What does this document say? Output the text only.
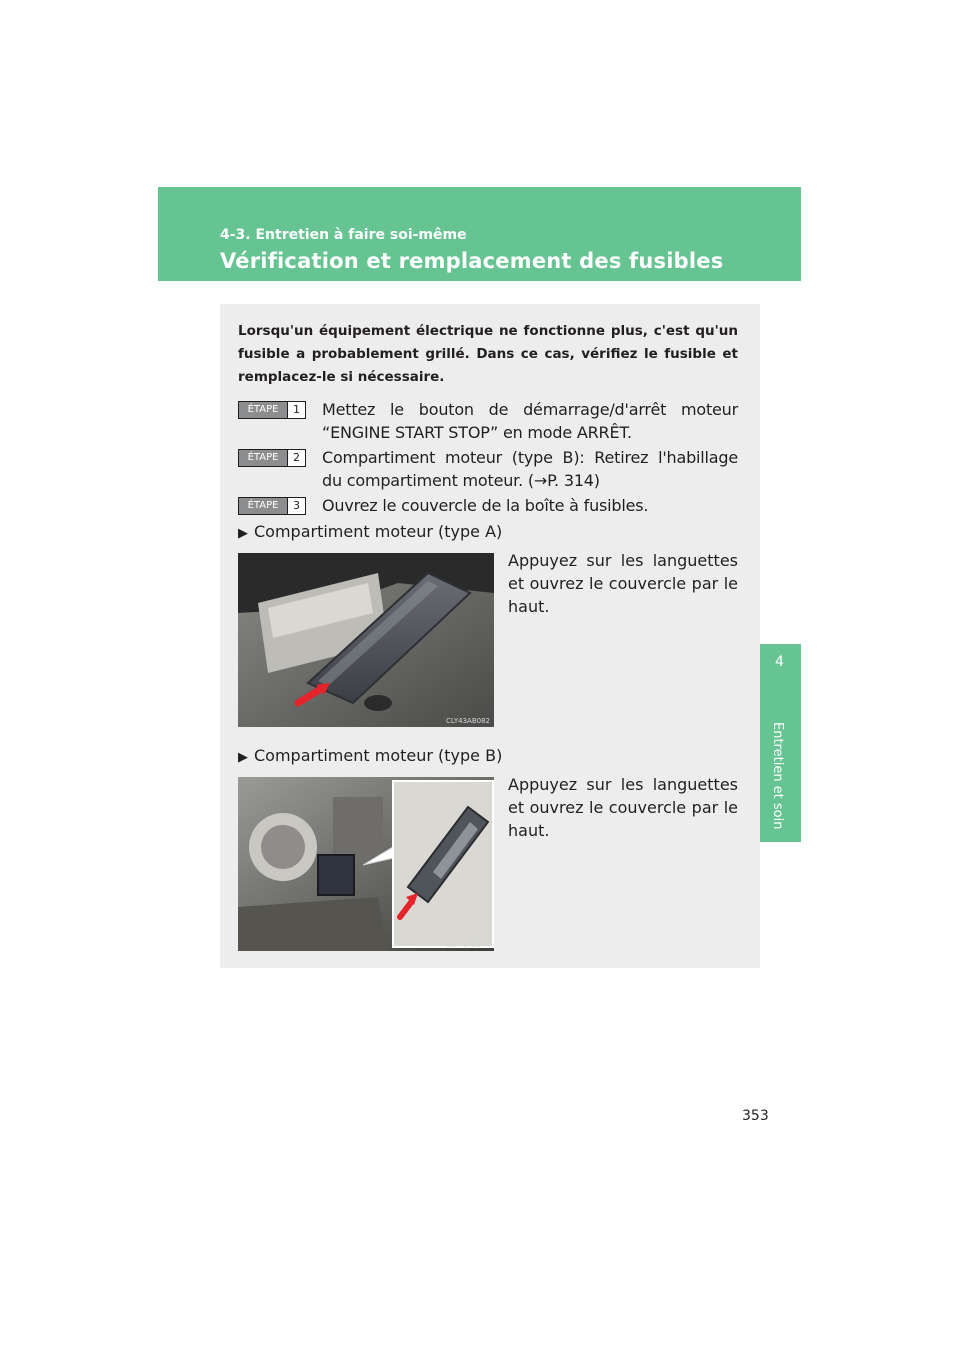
4-3. Entretien à faire soi-même
Vérification et remplacement des fusibles
4
Entretien et soin
Lorsqu'un équipement électrique ne fonctionne plus, c'est qu'un fusible a probablement grillé. Dans ce cas, vérifiez le fusible et remplacez-le si nécessaire.
ÉTAPE	1	Mettez le bouton de démarrage/d'arrêt moteur “ENGINE START STOP” en mode ARRÊT.
ÉTAPE	2	Compartiment moteur (type B): Retirez l'habillage du compartiment moteur. (→P. 314)
ÉTAPE	3	Ouvrez le couvercle de la boîte à fusibles.
▶ Compartiment moteur (type A)
CLY43AB082
Appuyez sur les languettes et ouvrez le couvercle par le haut.
▶ Compartiment moteur (type B)
CLY43AB174
Appuyez sur les languettes et ouvrez le couvercle par le haut.
353
